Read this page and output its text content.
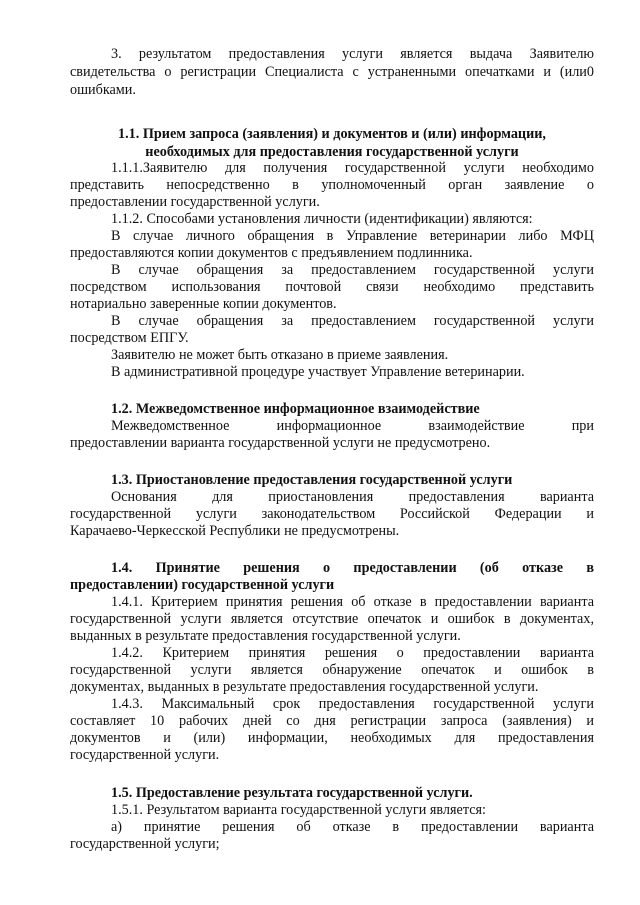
3. результатом предоставления услуги является выдача Заявителю
свидетельства о регистрации Специалиста с устраненными опечатками и (или0
ошибками.
1.1. Прием запроса (заявления) и документов и (или) информации,
необходимых для предоставления государственной услуги
1.1.1.Заявителю для получения государственной услуги необходимо
представить непосредственно в уполномоченный орган заявление о
предоставлении государственной услуги.
1.1.2. Способами установления личности (идентификации) являются:
В случае личного обращения в Управление ветеринарии либо МФЦ
предоставляются копии документов с предъявлением подлинника.
В случае обращения за предоставлением государственной услуги
посредством использования почтовой связи необходимо представить
нотариально заверенные копии документов.
В случае обращения за предоставлением государственной услуги
посредством ЕПГУ.
Заявителю не может быть отказано в приеме заявления.
В административной процедуре участвует Управление ветеринарии.
1.2. Межведомственное информационное взаимодействие
Межведомственное информационное взаимодействие при
предоставлении варианта государственной услуги не предусмотрено.
1.3. Приостановление предоставления государственной услуги
Основания для приостановления предоставления варианта
государственной услуги законодательством Российской Федерации и
Карачаево-Черкесской Республики не предусмотрены.
1.4. Принятие решения о предоставлении (об отказе в
предоставлении) государственной услуги
1.4.1. Критерием принятия решения об отказе в предоставлении варианта
государственной услуги является отсутствие опечаток и ошибок в документах,
выданных в результате предоставления государственной услуги.
1.4.2. Критерием принятия решения о предоставлении варианта
государственной услуги является обнаружение опечаток и ошибок в
документах, выданных в результате предоставления государственной услуги.
1.4.3. Максимальный срок предоставления государственной услуги
составляет 10 рабочих дней со дня регистрации запроса (заявления) и
документов и (или) информации, необходимых для предоставления
государственной услуги.
1.5. Предоставление результата государственной услуги.
1.5.1. Результатом варианта государственной услуги является:
а) принятие решения об отказе в предоставлении варианта
государственной услуги;
